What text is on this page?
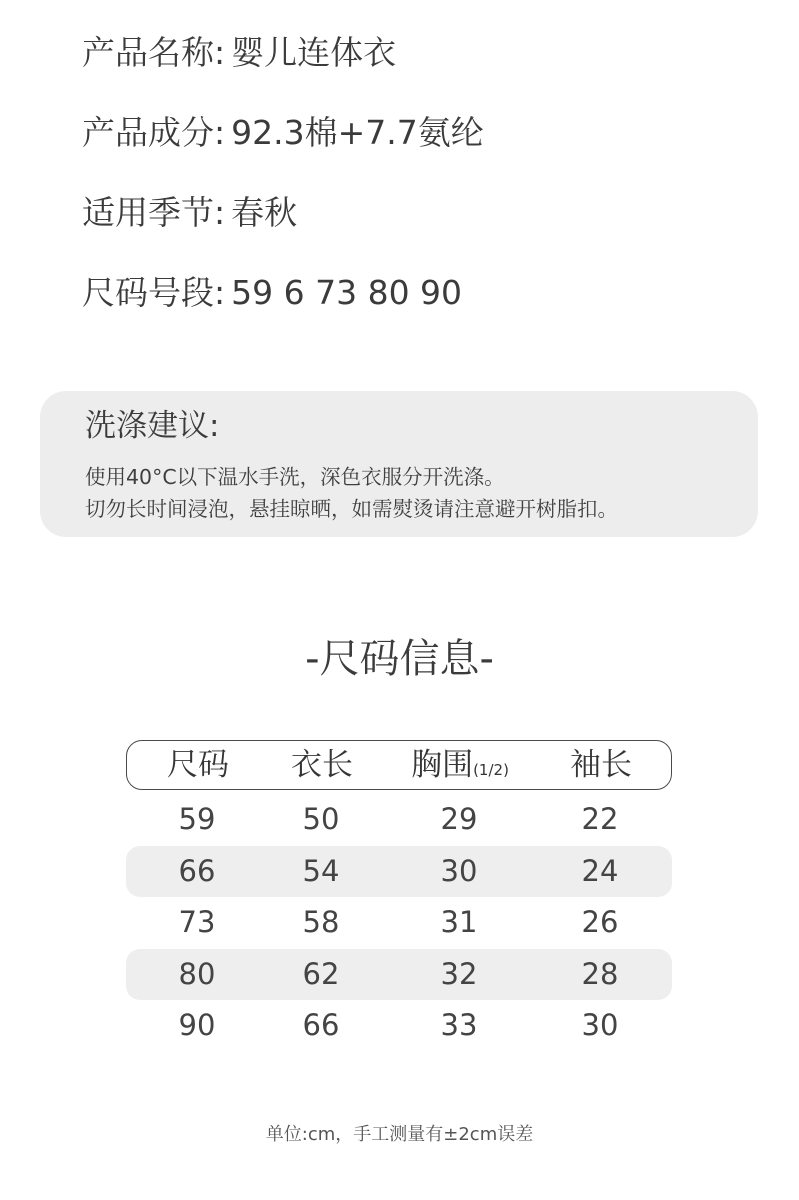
产品名称: 婴儿连体衣
产品成分: 92.3棉+7.7氨纶
适用季节: 春秋
尺码号段: 59 6 73 80 90
洗涤建议:
使用40°C以下温水手洗，深色衣服分开洗涤。
切勿长时间浸泡，悬挂晾晒，如需熨烫请注意避开树脂扣。
-尺码信息-
尺码 衣长 胸围(1/2) 袖长
59	50	29	22
66	54	30	24
73	58	31	26
80	62	32	28
90	66	33	30
单位:cm，手工测量有±2cm误差
